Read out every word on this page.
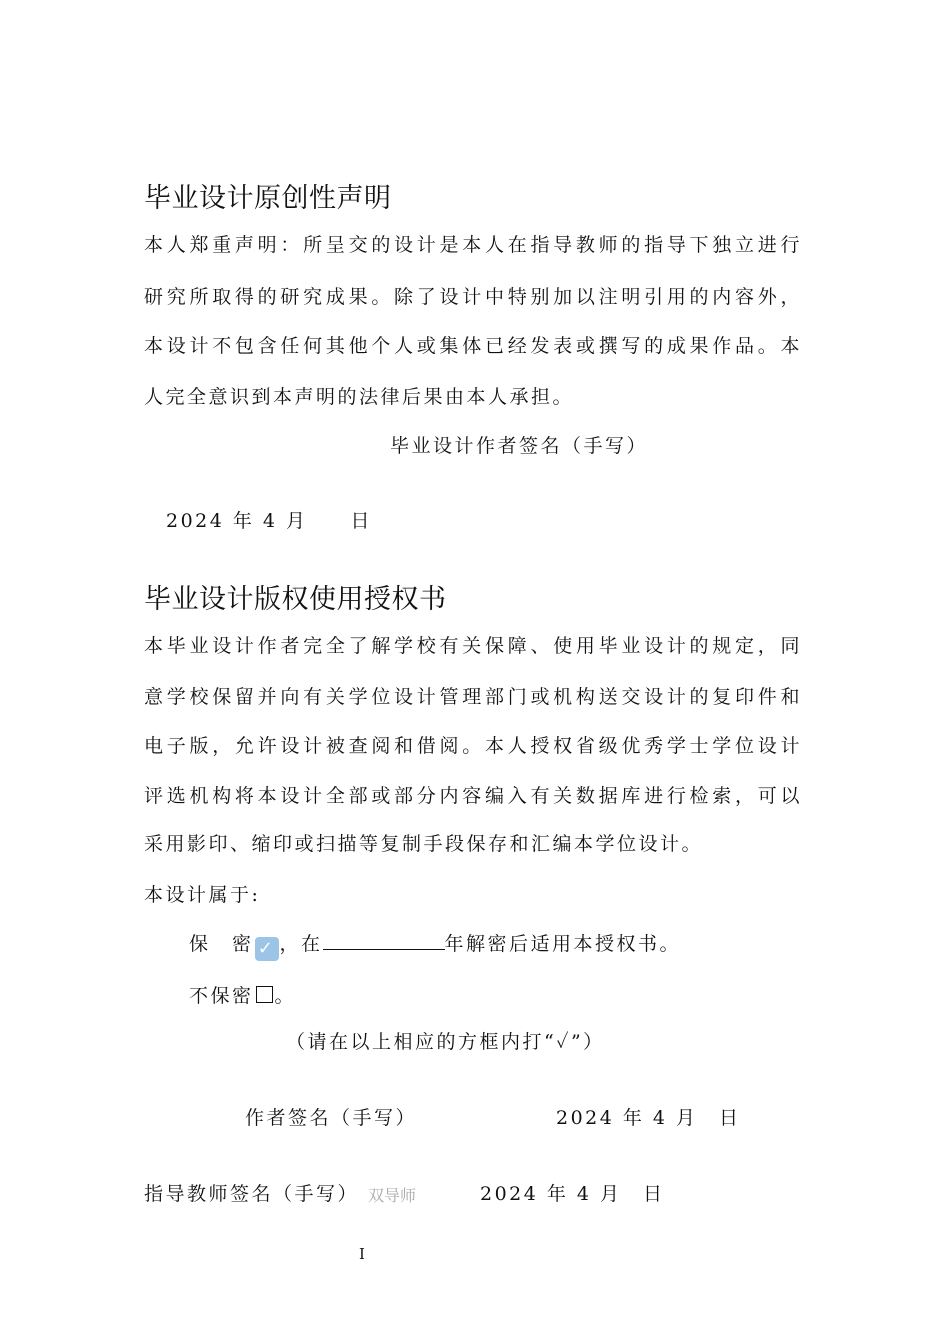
毕业设计原创性声明
本人郑重声明：所呈交的设计是本人在指导教师的指导下独立进行
研究所取得的研究成果。除了设计中特别加以注明引用的内容外，
本设计不包含任何其他个人或集体已经发表或撰写的成果作品。本
人完全意识到本声明的法律后果由本人承担。
毕业设计作者签名（手写）
2024 年 4 月　　日
毕业设计版权使用授权书
本毕业设计作者完全了解学校有关保障、使用毕业设计的规定，同
意学校保留并向有关学位设计管理部门或机构送交设计的复印件和
电子版，允许设计被查阅和借阅。本人授权省级优秀学士学位设计
评选机构将本设计全部或部分内容编入有关数据库进行检索，可以
采用影印、缩印或扫描等复制手段保存和汇编本学位设计。
本设计属于:
保　密 ✓ ，在	年解密后适用本授权书。
不保密 。
（请在以上相应的方框内打“✓”）
作者签名（手写）	2024 年 4 月　日
指导教师签名（手写） 双导师	2024 年 4 月　日
I
